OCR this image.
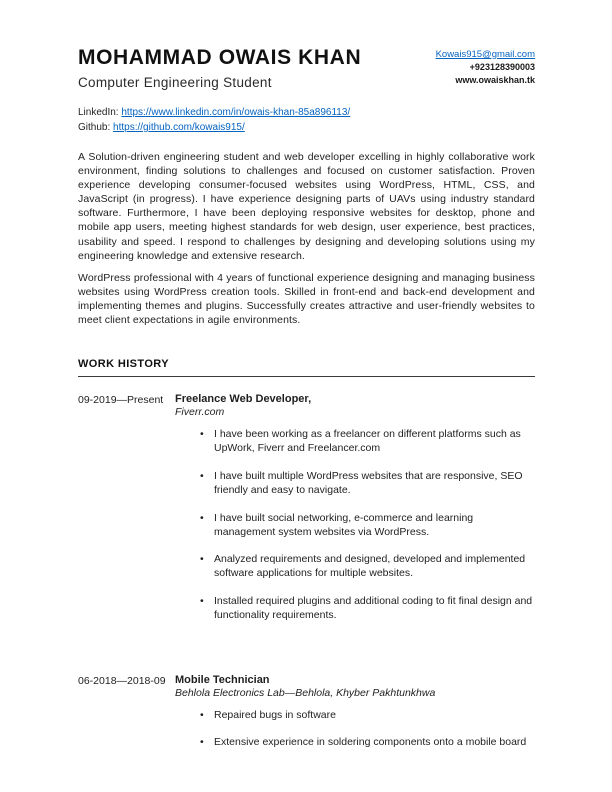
MOHAMMAD OWAIS KHAN
Computer Engineering Student
Kowais915@gmail.com
+923128390003
www.owaiskhan.tk
LinkedIn: https://www.linkedin.com/in/owais-khan-85a896113/
Github: https://github.com/kowais915/

A Solution-driven engineering student and web developer excelling in highly collaborative work environment, finding solutions to challenges and focused on customer satisfaction. Proven experience developing consumer-focused websites using WordPress, HTML, CSS, and JavaScript (in progress). I have experience designing parts of UAVs using industry standard software. Furthermore, I have been deploying responsive websites for desktop, phone and mobile app users, meeting highest standards for web design, user experience, best practices, usability and speed. I respond to challenges by designing and developing solutions using my engineering knowledge and extensive research.

WordPress professional with 4 years of functional experience designing and managing business websites using WordPress creation tools. Skilled in front-end and back-end development and implementing themes and plugins. Successfully creates attractive and user-friendly websites to meet client expectations in agile environments.

WORK HISTORY
09-2019—Present	Freelance Web Developer,
Fiverr.com
• I have been working as a freelancer on different platforms such as UpWork, Fiverr and Freelancer.com
• I have built multiple WordPress websites that are responsive, SEO friendly and easy to navigate.
• I have built social networking, e-commerce and learning management system websites via WordPress.
• Analyzed requirements and designed, developed and implemented software applications for multiple websites.
• Installed required plugins and additional coding to fit final design and functionality requirements.
06-2018—2018-09 Mobile Technician
Behlola Electronics Lab—Behlola, Khyber Pakhtunkhwa
• Repaired bugs in software
• Extensive experience in soldering components onto a mobile board
